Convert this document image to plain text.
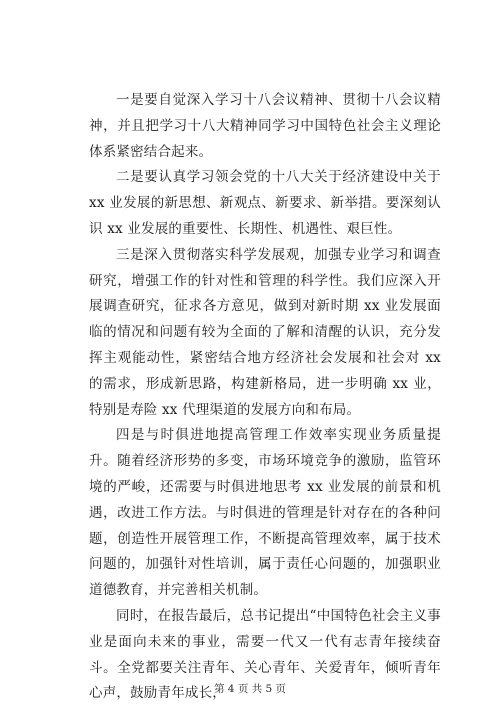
一是要自觉深入学习十八会议精神、贯彻十八会议精神，并且把学习十八大精神同学习中国特色社会主义理论体系紧密结合起来。

二是要认真学习领会党的十八大关于经济建设中关于 xx 业发展的新思想、新观点、新要求、新举措。要深刻认识 xx 业发展的重要性、长期性、机遇性、艰巨性。

三是深入贯彻落实科学发展观，加强专业学习和调查研究，增强工作的针对性和管理的科学性。我们应深入开展调查研究，征求各方意见，做到对新时期 xx 业发展面临的情况和问题有较为全面的了解和清醒的认识，充分发挥主观能动性，紧密结合地方经济社会发展和社会对 xx 的需求，形成新思路，构建新格局，进一步明确 xx 业，特别是寿险 xx 代理渠道的发展方向和布局。

四是与时俱进地提高管理工作效率实现业务质量提升。随着经济形势的多变，市场环境竞争的激励，监管环境的严峻，还需要与时俱进地思考 xx 业发展的前景和机遇，改进工作方法。与时俱进的管理是针对存在的各种问题，创造性开展管理工作，不断提高管理效率，属于技术问题的，加强针对性培训，属于责任心问题的，加强职业道德教育，并完善相关机制。

同时，在报告最后，总书记提出“中国特色社会主义事业是面向未来的事业，需要一代又一代有志青年接续奋斗。全党都要关注青年、关心青年、关爱青年，倾听青年心声，鼓励青年成长，

第 4 页 共 5 页
